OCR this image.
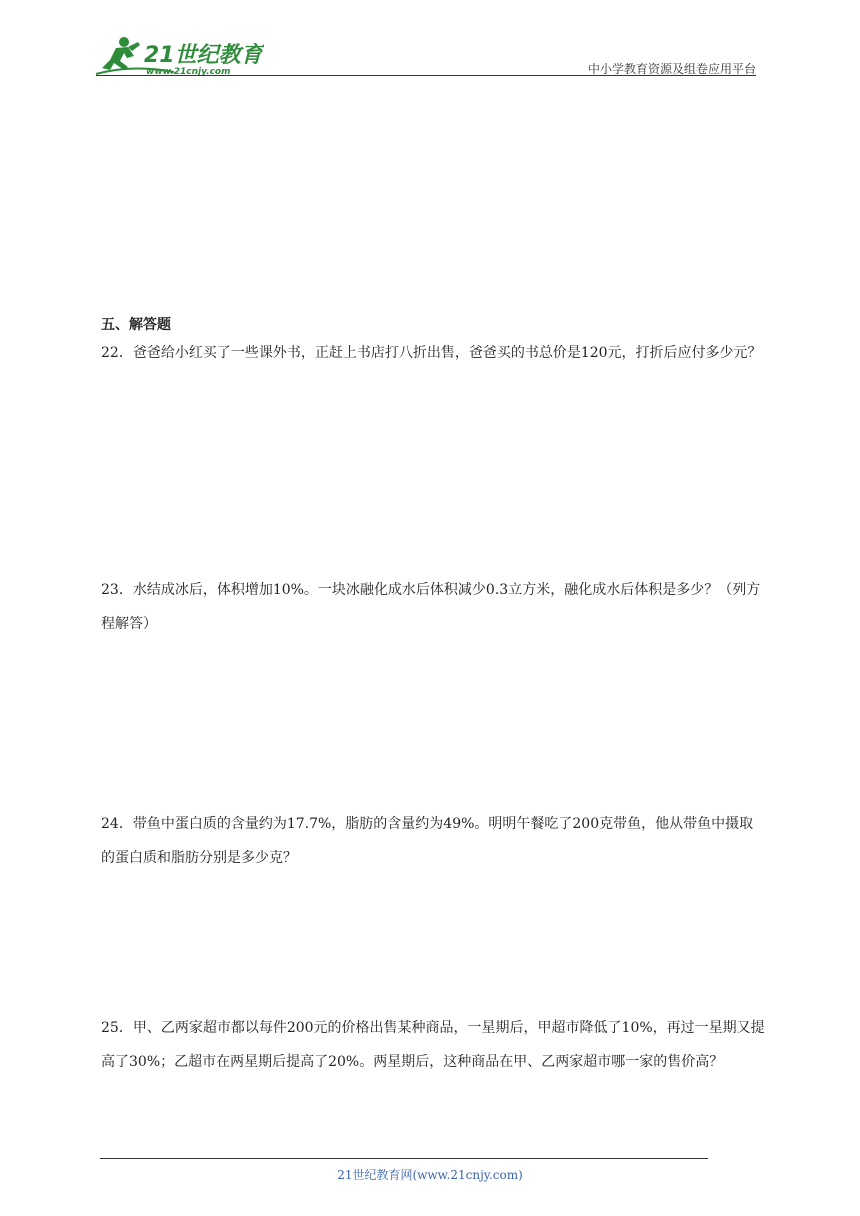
21世纪教育
www.21cnjy.com	中小学教育资源及组卷应用平台
五、解答题
22．爸爸给小红买了一些课外书，正赶上书店打八折出售，爸爸买的书总价是120元，打折后应付多少元？
23．水结成冰后，体积增加10%。一块冰融化成水后体积减少0.3立方米，融化成水后体积是多少？（列方程解答）
24．带鱼中蛋白质的含量约为17.7%，脂肪的含量约为49%。明明午餐吃了200克带鱼，他从带鱼中摄取的蛋白质和脂肪分别是多少克？
25．甲、乙两家超市都以每件200元的价格出售某种商品，一星期后，甲超市降低了10%，再过一星期又提高了30%；乙超市在两星期后提高了20%。两星期后，这种商品在甲、乙两家超市哪一家的售价高？
21世纪教育网(www.21cnjy.com)
